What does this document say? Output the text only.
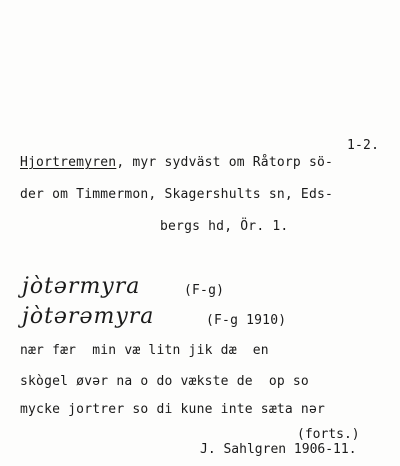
1-2.
Hjortremyren, myr sydväst om Råtorp sö-
der om Timmermon, Skagershults sn, Eds-
bergs hd, Ör. 1.
jòtərmyra	(F-g)
jòtərəmyra	(F-g 1910)
nær fær  min væ litn jik dæ  en
skògel øvər na o do vækste de  op so
mycke jortrer so di kune inte sæta nər
(forts.)
J. Sahlgren 1906-11.
